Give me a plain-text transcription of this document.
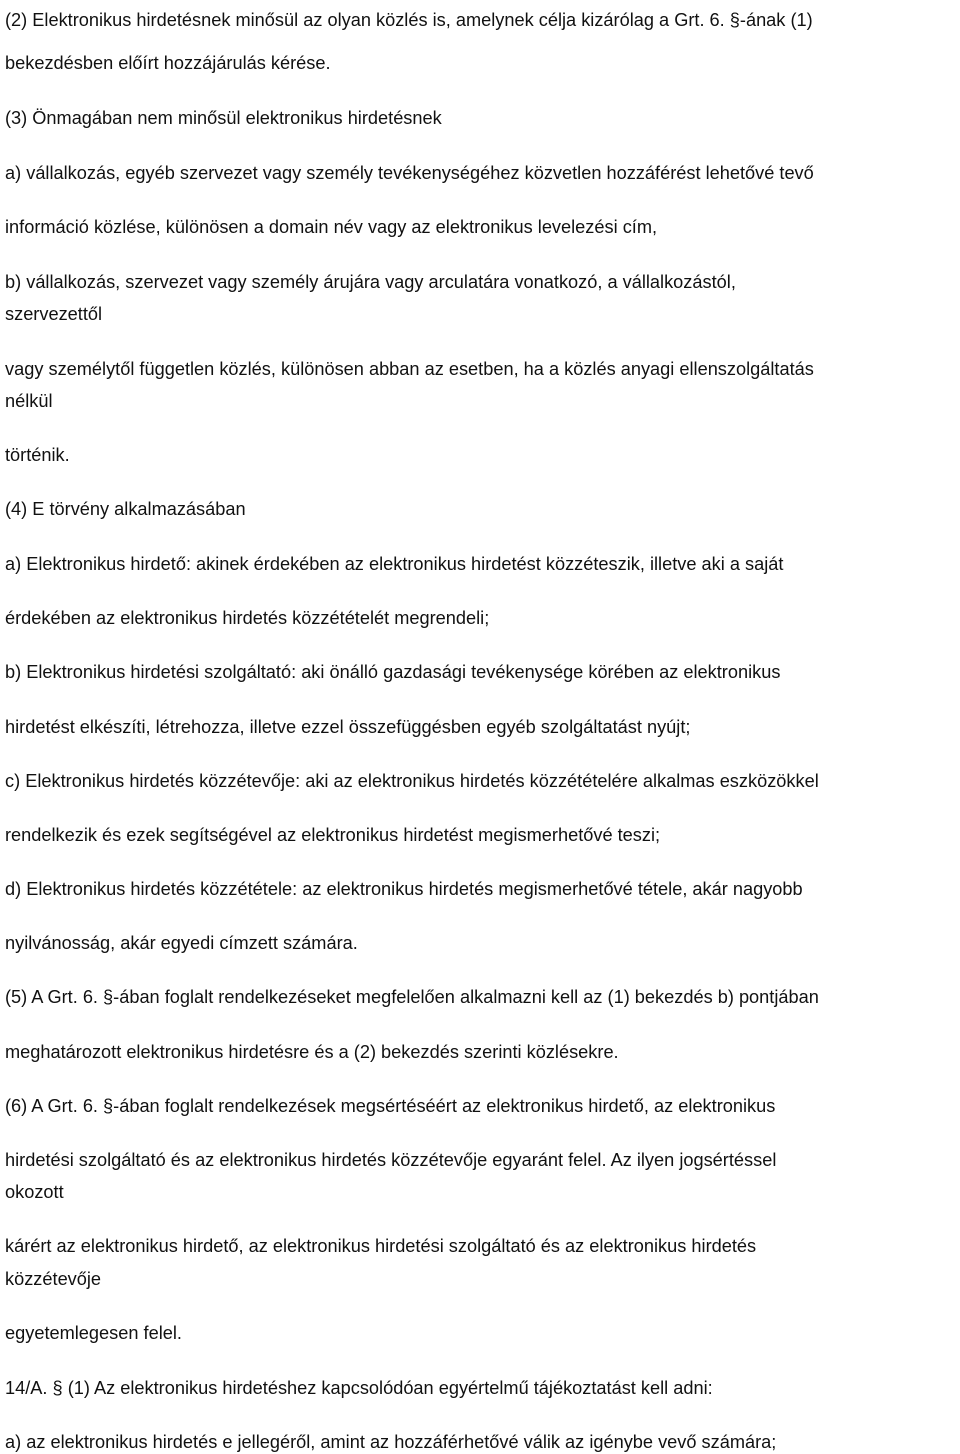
(2) Elektronikus hirdetésnek minősül az olyan közlés is, amelynek célja kizárólag a Grt. 6. §-ának (1)
bekezdésben előírt hozzájárulás kérése.
(3) Önmagában nem minősül elektronikus hirdetésnek
a) vállalkozás, egyéb szervezet vagy személy tevékenységéhez közvetlen hozzáférést lehetővé tevő
információ közlése, különösen a domain név vagy az elektronikus levelezési cím,
b) vállalkozás, szervezet vagy személy árujára vagy arculatára vonatkozó, a vállalkozástól,
szervezettől
vagy személytől független közlés, különösen abban az esetben, ha a közlés anyagi ellenszolgáltatás
nélkül
történik.
(4) E törvény alkalmazásában
a) Elektronikus hirdető: akinek érdekében az elektronikus hirdetést közzéteszik, illetve aki a saját
érdekében az elektronikus hirdetés közzétételét megrendeli;
b) Elektronikus hirdetési szolgáltató: aki önálló gazdasági tevékenysége körében az elektronikus
hirdetést elkészíti, létrehozza, illetve ezzel összefüggésben egyéb szolgáltatást nyújt;
c) Elektronikus hirdetés közzétevője: aki az elektronikus hirdetés közzétételére alkalmas eszközökkel
rendelkezik és ezek segítségével az elektronikus hirdetést megismerhetővé teszi;
d) Elektronikus hirdetés közzététele: az elektronikus hirdetés megismerhetővé tétele, akár nagyobb
nyilvánosság, akár egyedi címzett számára.
(5) A Grt. 6. §-ában foglalt rendelkezéseket megfelelően alkalmazni kell az (1) bekezdés b) pontjában
meghatározott elektronikus hirdetésre és a (2) bekezdés szerinti közlésekre.
(6) A Grt. 6. §-ában foglalt rendelkezések megsértéséért az elektronikus hirdető, az elektronikus
hirdetési szolgáltató és az elektronikus hirdetés közzétevője egyaránt felel. Az ilyen jogsértéssel
okozott
kárért az elektronikus hirdető, az elektronikus hirdetési szolgáltató és az elektronikus hirdetés
közzétevője
egyetemlegesen felel.
14/A. § (1) Az elektronikus hirdetéshez kapcsolódóan egyértelmű tájékoztatást kell adni:
a) az elektronikus hirdetés e jellegéről, amint az hozzáférhetővé válik az igénybe vevő számára;
